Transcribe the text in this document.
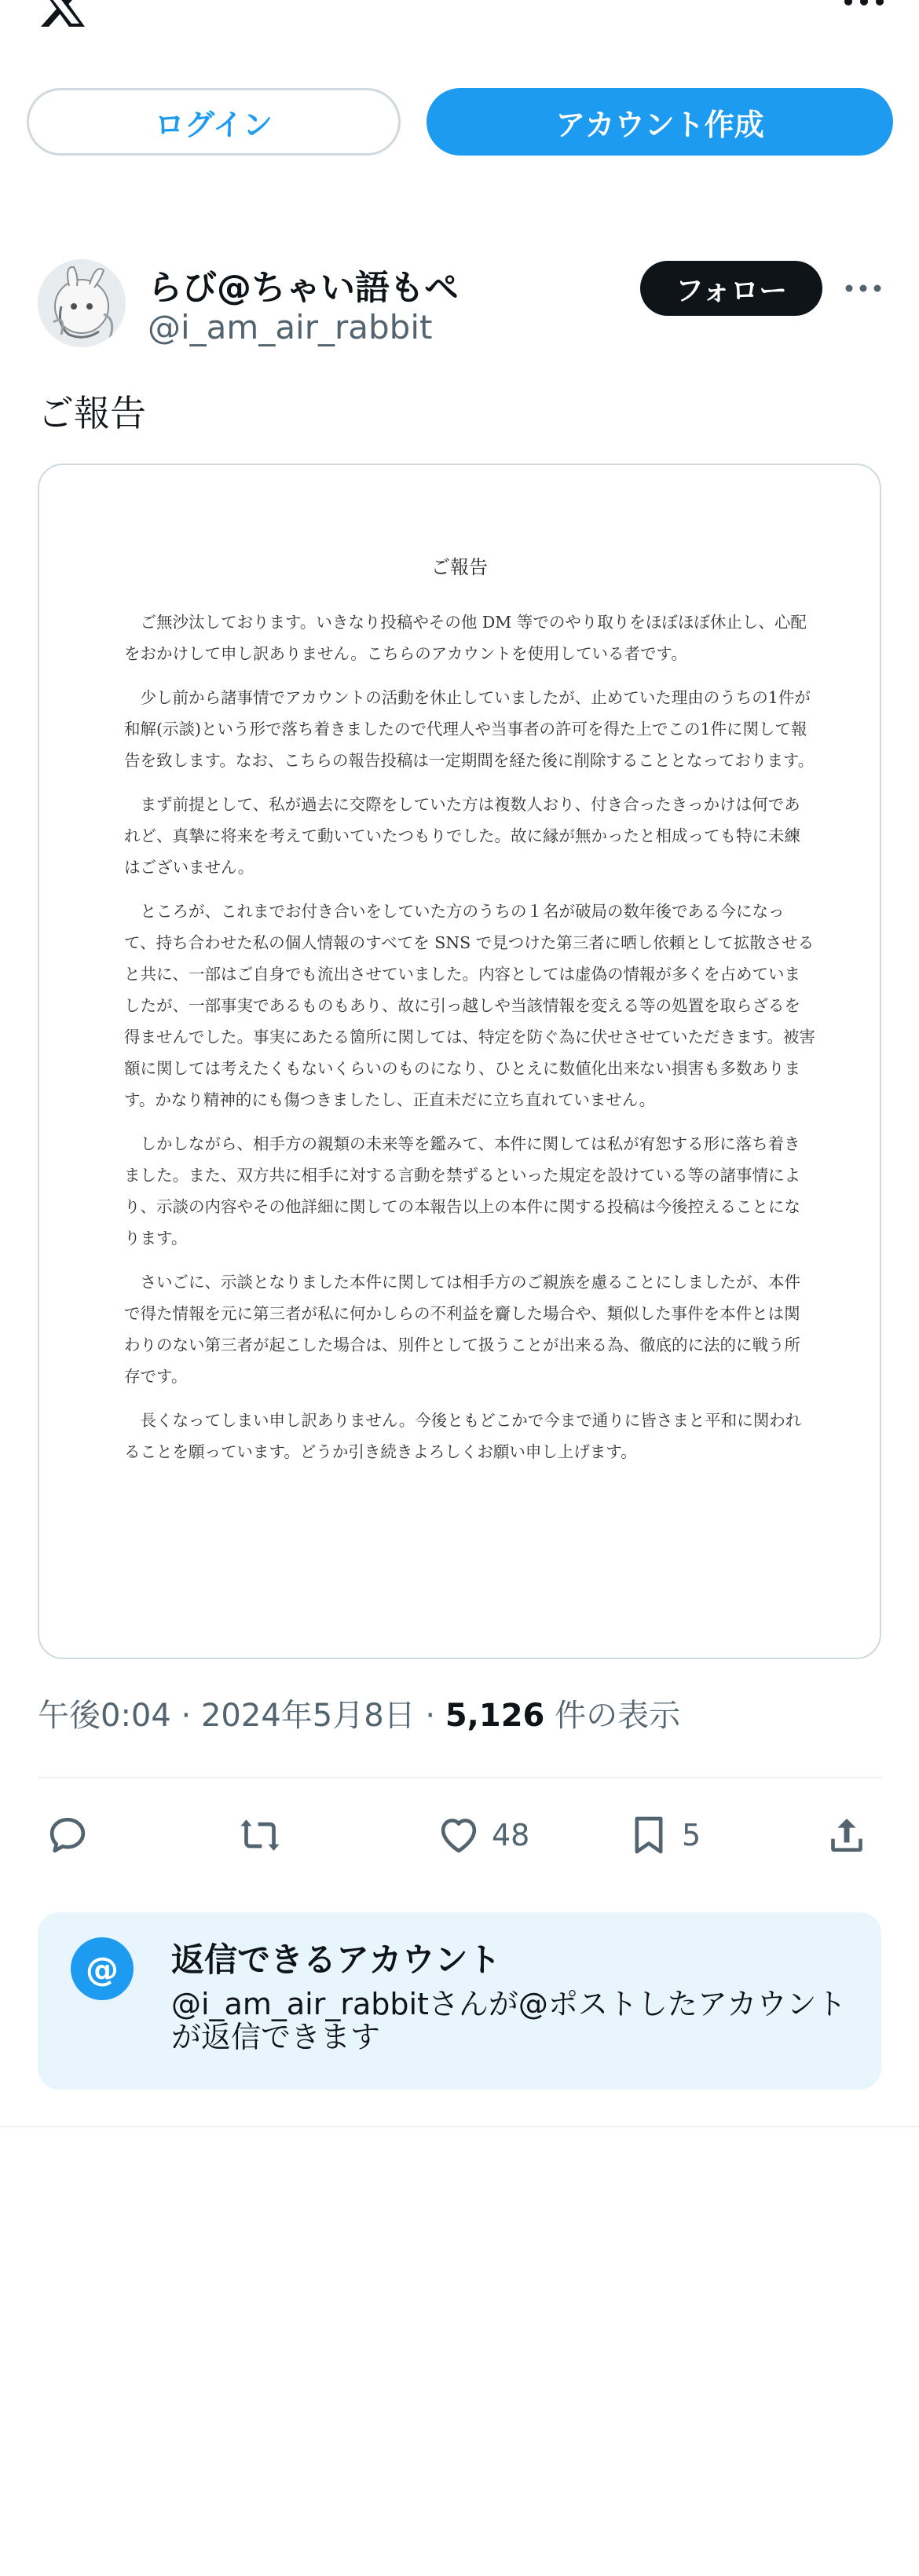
ログイン	アカウント作成
らび@ちゃい語もペ
@i_am_air_rabbit
フォロー
ご報告
ご報告

ご無沙汰しております。いきなり投稿やその他 DM 等でのやり取りをほぼほぼ休止し、心配をおかけして申し訳ありません。こちらのアカウントを使用している者です。

少し前から諸事情でアカウントの活動を休止していましたが、止めていた理由のうちの1件が和解(示談)という形で落ち着きましたので代理人や当事者の許可を得た上でこの1件に関して報告を致します。なお、こちらの報告投稿は一定期間を経た後に削除することとなっております。

まず前提として、私が過去に交際をしていた方は複数人おり、付き合ったきっかけは何であれど、真摯に将来を考えて動いていたつもりでした。故に縁が無かったと相成っても特に未練はございません。

ところが、これまでお付き合いをしていた方のうちの１名が破局の数年後である今になって、持ち合わせた私の個人情報のすべてを SNS で見つけた第三者に晒し依頼として拡散させると共に、一部はご自身でも流出させていました。内容としては虚偽の情報が多くを占めていましたが、一部事実であるものもあり、故に引っ越しや当該情報を変える等の処置を取らざるを得ませんでした。事実にあたる箇所に関しては、特定を防ぐ為に伏せさせていただきます。被害額に関しては考えたくもないくらいのものになり、ひとえに数値化出来ない損害も多数あります。かなり精神的にも傷つきましたし、正直未だに立ち直れていません。

しかしながら、相手方の親類の未来等を鑑みて、本件に関しては私が宥恕する形に落ち着きました。また、双方共に相手に対する言動を禁ずるといった規定を設けている等の諸事情により、示談の内容やその他詳細に関しての本報告以上の本件に関する投稿は今後控えることになります。

さいごに、示談となりました本件に関しては相手方のご親族を慮ることにしましたが、本件で得た情報を元に第三者が私に何かしらの不利益を齎した場合や、類似した事件を本件とは関わりのない第三者が起こした場合は、別件として扱うことが出来る為、徹底的に法的に戦う所存です。

長くなってしまい申し訳ありません。今後ともどこかで今まで通りに皆さまと平和に関われることを願っています。どうか引き続きよろしくお願い申し上げます。

午後0:04 · 2024年5月8日 · 5,126 件の表示
48	5
@	返信できるアカウント
@i_am_air_rabbitさんが@ポストしたアカウントが返信できます
